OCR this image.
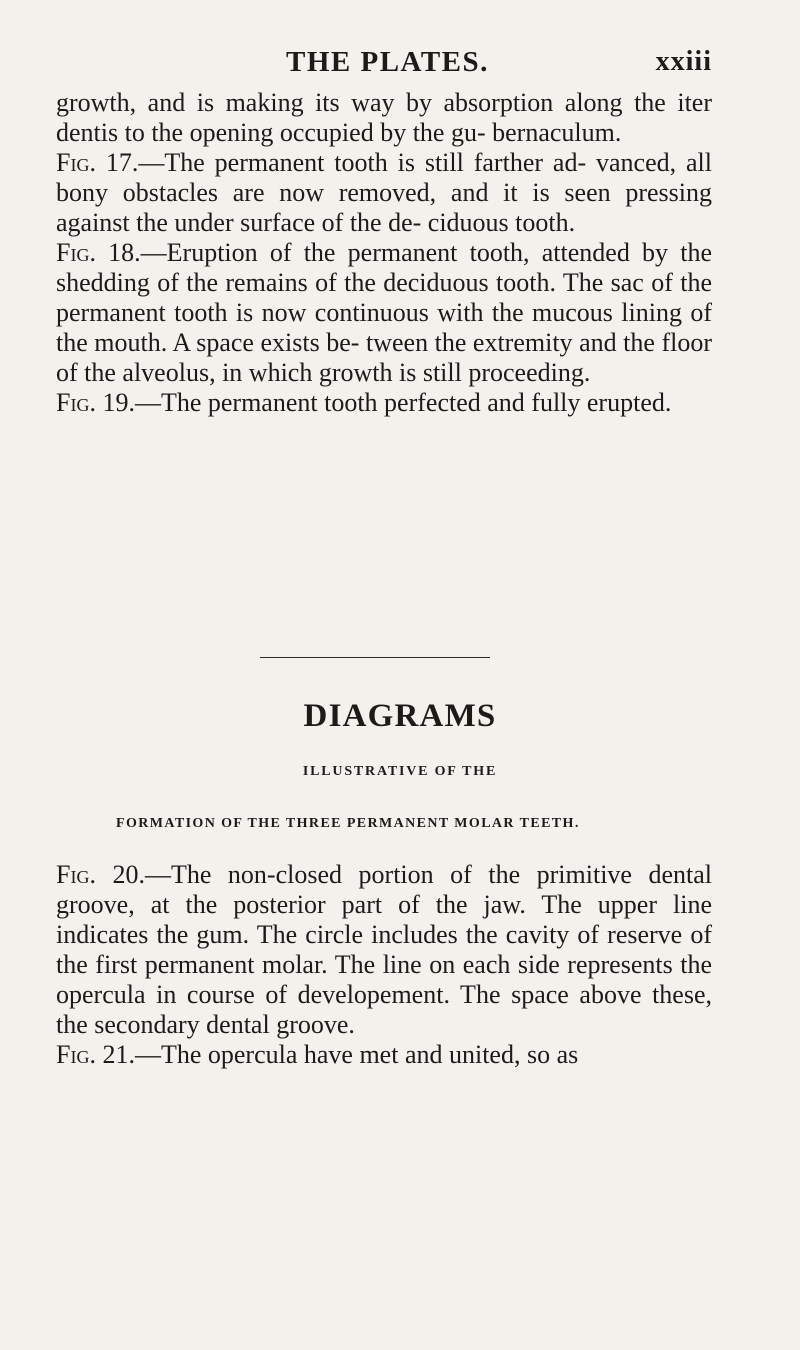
THE PLATES.	xxiii

growth, and is making its way by absorption along the iter dentis to the opening occupied by the gu- bernaculum.

Fig. 17.—The permanent tooth is still farther ad- vanced, all bony obstacles are now removed, and it is seen pressing against the under surface of the de- ciduous tooth.

Fig. 18.—Eruption of the permanent tooth, attended by the shedding of the remains of the deciduous tooth. The sac of the permanent tooth is now continuous with the mucous lining of the mouth. A space exists be- tween the extremity and the floor of the alveolus, in which growth is still proceeding.

Fig. 19.—The permanent tooth perfected and fully erupted.

DIAGRAMS
ILLUSTRATIVE OF THE
FORMATION OF THE THREE PERMANENT MOLAR TEETH.

Fig. 20.—The non-closed portion of the primitive dental groove, at the posterior part of the jaw. The upper line indicates the gum. The circle includes the cavity of reserve of the first permanent molar. The line on each side represents the opercula in course of developement. The space above these, the secondary dental groove.

Fig. 21.—The opercula have met and united, so as
